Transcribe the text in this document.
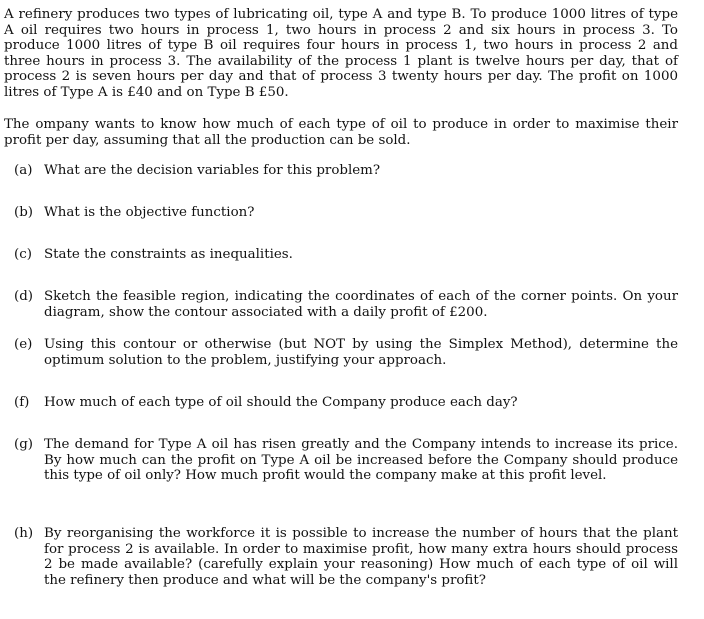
A refinery produces two types of lubricating oil, type A and type B. To produce 1000 litres of type A oil requires two hours in process 1, two hours in process 2 and six hours in process 3. To produce 1000 litres of type B oil requires four hours in process 1, two hours in process 2 and three hours in process 3. The availability of the process 1 plant is twelve hours per day, that of process 2 is seven hours per day and that of process 3 twenty hours per day. The profit on 1000 litres of Type A is £40 and on Type B £50.

The ompany wants to know how much of each type of oil to produce in order to maximise their profit per day, assuming that all the production can be sold.

(a) What are the decision variables for this problem?
(b) What is the objective function?
(c) State the constraints as inequalities.
(d) Sketch the feasible region, indicating the coordinates of each of the corner points. On your diagram, show the contour associated with a daily profit of £200.
(e) Using this contour or otherwise (but NOT by using the Simplex Method), determine the optimum solution to the problem, justifying your approach.
(f)	How much of each type of oil should the Company produce each day?
(g) The demand for Type A oil has risen greatly and the Company intends to increase its price. By how much can the profit on Type A oil be increased before the Company should produce this type of oil only? How much profit would the company make at this profit level.
(h) By reorganising the workforce it is possible to increase the number of hours that the plant for process 2 is available. In order to maximise profit, how many extra hours should process 2 be made available? (carefully explain your reasoning) How much of each type of oil will the refinery then produce and what will be the company's profit?
